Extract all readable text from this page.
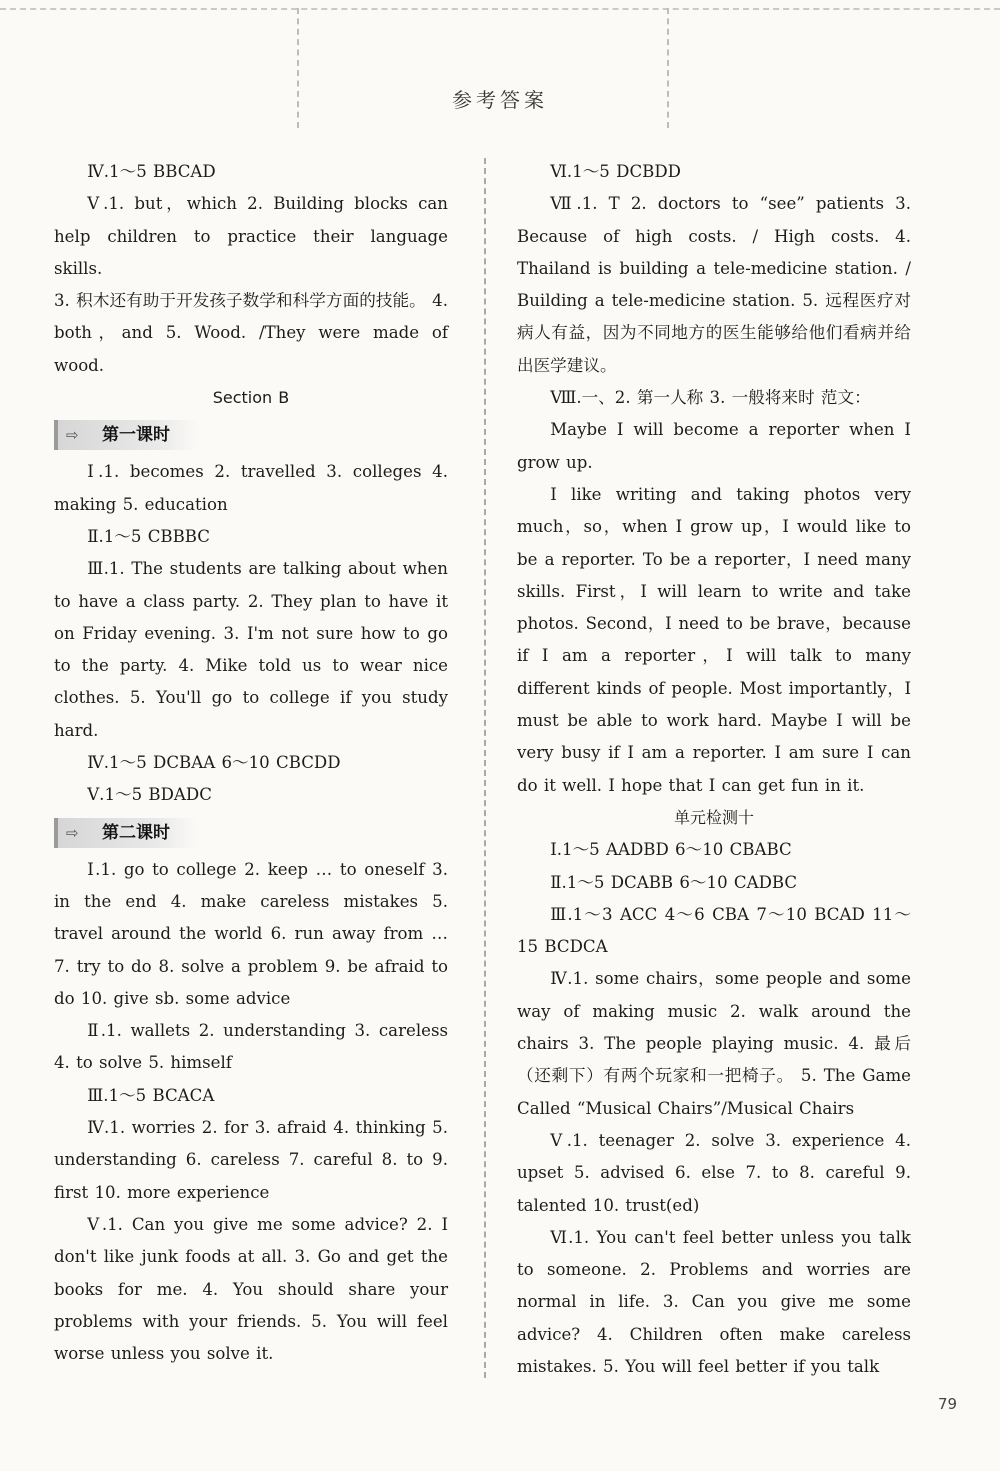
参考答案

Ⅳ.1～5 BBCAD

Ⅴ.1. but，which 2. Building blocks can help children to practice their language skills.

3. 积木还有助于开发孩子数学和科学方面的技能。 4. both，and 5. Wood. /They were made of wood.

Section B

⇨	第一课时

Ⅰ.1. becomes 2. travelled 3. colleges 4. making 5. education

Ⅱ.1～5 CBBBC

Ⅲ.1. The students are talking about when to have a class party. 2. They plan to have it on Friday evening. 3. I'm not sure how to go to the party. 4. Mike told us to wear nice clothes. 5. You'll go to college if you study hard.

Ⅳ.1～5 DCBAA 6～10 CBCDD

Ⅴ.1～5 BDADC

⇨	第二课时

Ⅰ.1. go to college 2. keep … to oneself 3. in the end 4. make careless mistakes 5. travel around the world 6. run away from … 7. try to do 8. solve a problem 9. be afraid to do 10. give sb. some advice

Ⅱ.1. wallets 2. understanding 3. careless 4. to solve 5. himself

Ⅲ.1～5 BCACA

Ⅳ.1. worries 2. for 3. afraid 4. thinking 5. understanding 6. careless 7. careful 8. to 9. first 10. more experience

Ⅴ.1. Can you give me some advice? 2. I don't like junk foods at all. 3. Go and get the books for me. 4. You should share your problems with your friends. 5. You will feel worse unless you solve it.

Ⅵ.1～5 DCBDD

Ⅶ.1. T 2. doctors to “see” patients 3. Because of high costs. / High costs. 4. Thailand is building a tele-medicine station. / Building a tele-medicine station. 5. 远程医疗对病人有益，因为不同地方的医生能够给他们看病并给出医学建议。

Ⅷ.一、2. 第一人称 3. 一般将来时 范文：

Maybe I will become a reporter when I grow up.

I like writing and taking photos very much，so，when I grow up，I would like to be a reporter. To be a reporter，I need many skills. First，I will learn to write and take photos. Second，I need to be brave，because if I am a reporter，I will talk to many different kinds of people. Most importantly，I must be able to work hard. Maybe I will be very busy if I am a reporter. I am sure I can do it well. I hope that I can get fun in it.

单元检测十

Ⅰ.1～5 AADBD 6～10 CBABC

Ⅱ.1～5 DCABB 6～10 CADBC

Ⅲ.1～3 ACC 4～6 CBA 7～10 BCAD 11～15 BCDCA

Ⅳ.1. some chairs，some people and some way of making music 2. walk around the chairs 3. The people playing music. 4. 最后（还剩下）有两个玩家和一把椅子。 5. The Game Called “Musical Chairs”/Musical Chairs

Ⅴ.1. teenager 2. solve 3. experience 4. upset 5. advised 6. else 7. to 8. careful 9. talented 10. trust(ed)

Ⅵ.1. You can't feel better unless you talk to someone. 2. Problems and worries are normal in life. 3. Can you give me some advice? 4. Children often make careless mistakes. 5. You will feel better if you talk

79
